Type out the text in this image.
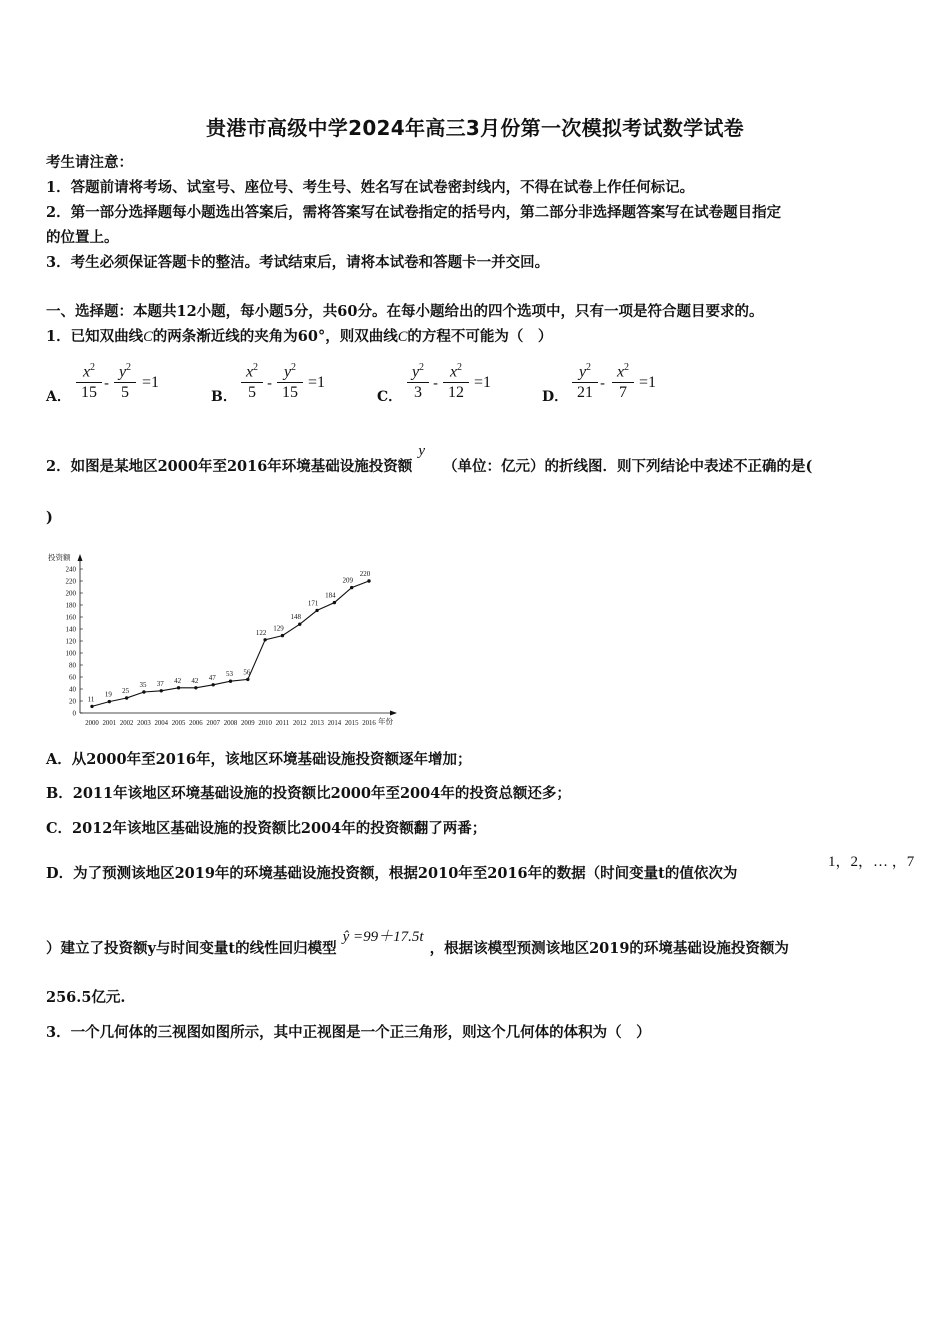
贵港市高级中学2024年高三3月份第一次模拟考试数学试卷
考生请注意：
1．答题前请将考场、试室号、座位号、考生号、姓名写在试卷密封线内，不得在试卷上作任何标记。
2．第一部分选择题每小题选出答案后，需将答案写在试卷指定的括号内，第二部分非选择题答案写在试卷题目指定
的位置上。
3．考生必须保证答题卡的整洁。考试结束后，请将本试卷和答题卡一并交回。
一、选择题：本题共12小题，每小题5分，共60分。在每小题给出的四个选项中，只有一项是符合题目要求的。
1．已知双曲线C的两条渐近线的夹角为60°，则双曲线C的方程不可能为（　）
A．
$x^2$
15
-
$y^2$
5
=1
B．
$x^2$
5
-
$y^2$
15
=1
C．
$y^2$
3
-
$x^2$
12
=1
D．
$y^2$
21
-
$x^2$
7
=1
2．如图是某地区2000年至2016年环境基础设施投资额y（单位：亿元）的折线图．则下列结论中表述不正确的是(
)
投资额
年份
0
20
40
60
80
100
120
140
160
180
200
220
240
2000 2001 2002 2003 2004 2005 2006 2007 2008 2009 2010 2011 2012 2013 2014 2015 2016
11
19 25
35 37 42 42 47 53 56
122
129
148
171
184
209
220
A．从2000年至2016年，该地区环境基础设施投资额逐年增加；
B．2011年该地区环境基础设施的投资额比2000年至2004年的投资总额还多；
C．2012年该地区基础设施的投资额比2004年的投资额翻了两番；
1，2，… ，7
D．为了预测该地区2019年的环境基础设施投资额，根据2010年至2016年的数据（时间变量t的值依次为
）建立了投资额y与时间变量t的线性回归模型ŷ =99＋17.5t，根据该模型预测该地区2019的环境基础设施投资额为
256.5亿元.
3．一个几何体的三视图如图所示，其中正视图是一个正三角形，则这个几何体的体积为（　）
